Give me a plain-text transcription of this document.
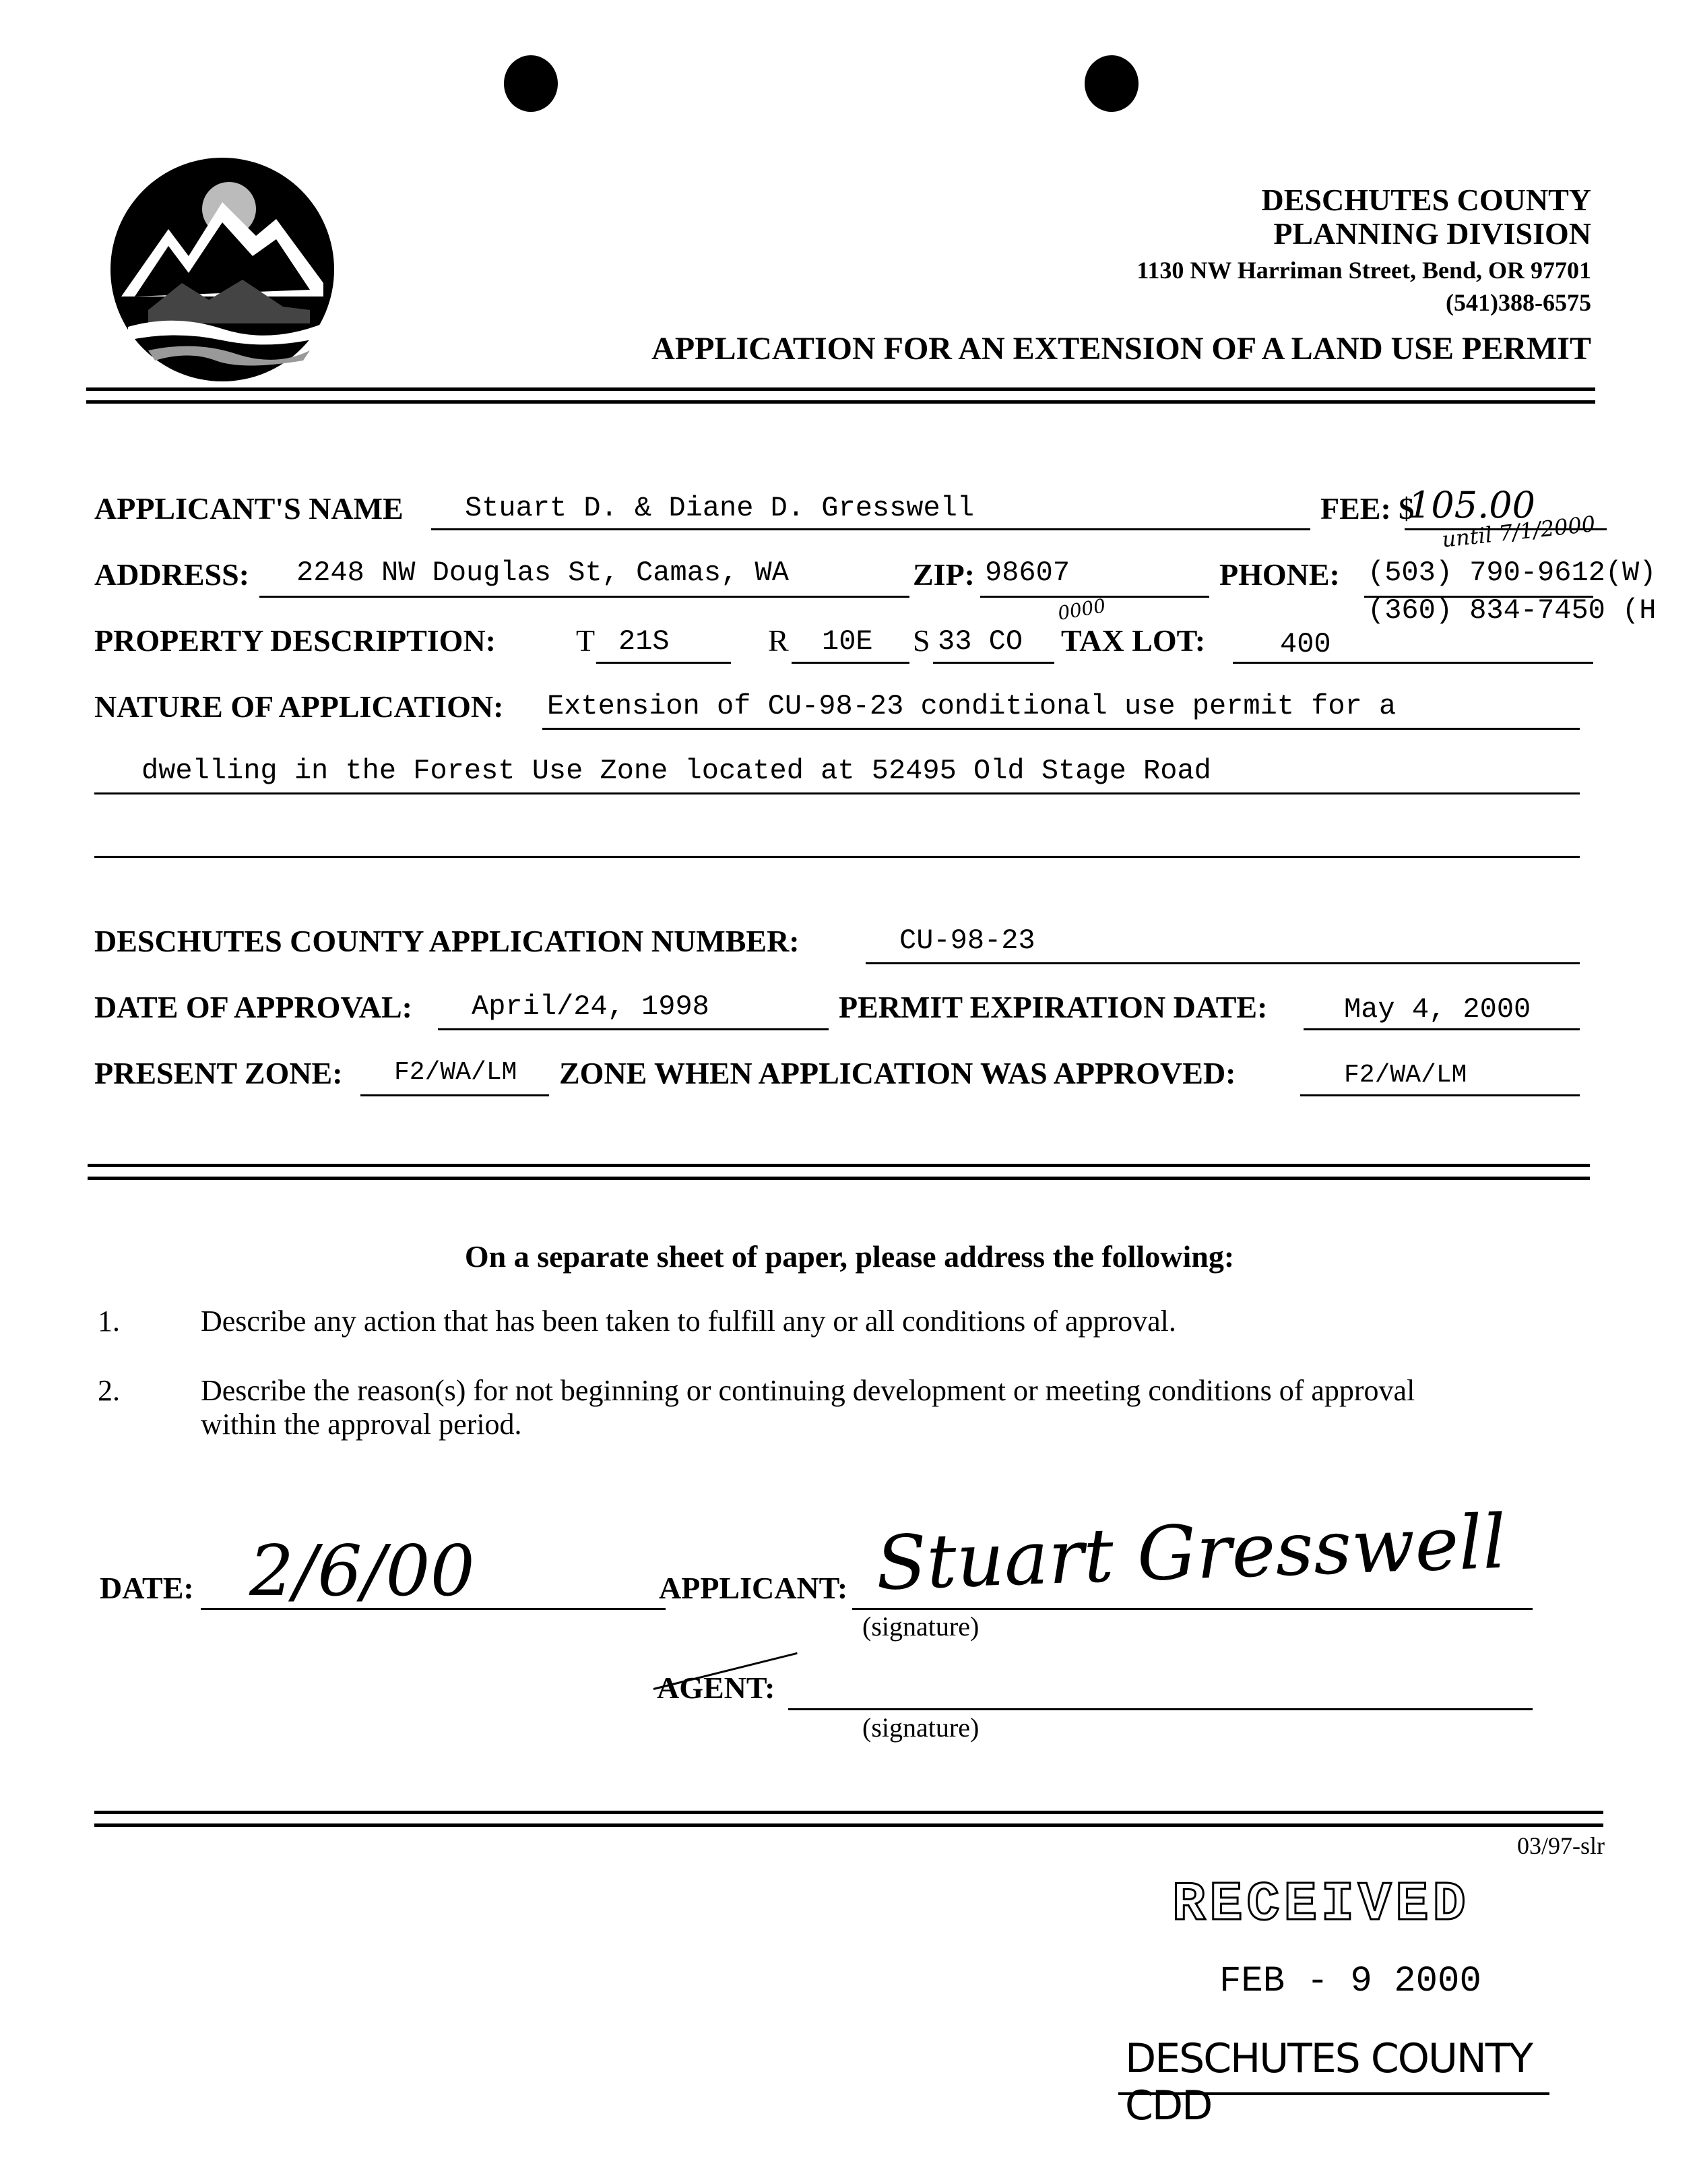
DESCHUTES COUNTY
PLANNING DIVISION
1130 NW Harriman Street, Bend, OR 97701
(541)388-6575
APPLICATION FOR AN EXTENSION OF A LAND USE PERMIT
APPLICANT'S NAME Stuart D. & Diane D. Gresswell	FEE: $
105.00
until 7/1/2000
ADDRESS: 2248 NW Douglas St, Camas, WA	ZIP: 98607	PHONE: (503) 790-9612(W)
(360) 834-7450 (H
PROPERTY DESCRIPTION:	T 21S	R 10E S 33 CO
0000
TAX LOT:	400
NATURE OF APPLICATION: Extension of CU-98-23 conditional use permit for a
dwelling in the Forest Use Zone located at 52495 Old Stage Road
DESCHUTES COUNTY APPLICATION NUMBER:	CU-98-23
DATE OF APPROVAL: April/24, 1998	PERMIT EXPIRATION DATE:	May 4, 2000
PRESENT ZONE: F2/WA/LM ZONE WHEN APPLICATION WAS APPROVED:	F2/WA/LM
On a separate sheet of paper, please address the following:
1.	Describe any action that has been taken to fulfill any or all conditions of approval.
2.	Describe the reason(s) for not beginning or continuing development or meeting conditions of approval
within the approval period.
DATE: 2/6/00	APPLICANT: Stuart Gresswell
(signature)
AGENT:
(signature)
03/97-slr
RECEIVED
FEB - 9 2000
DESCHUTES COUNTY CDD
